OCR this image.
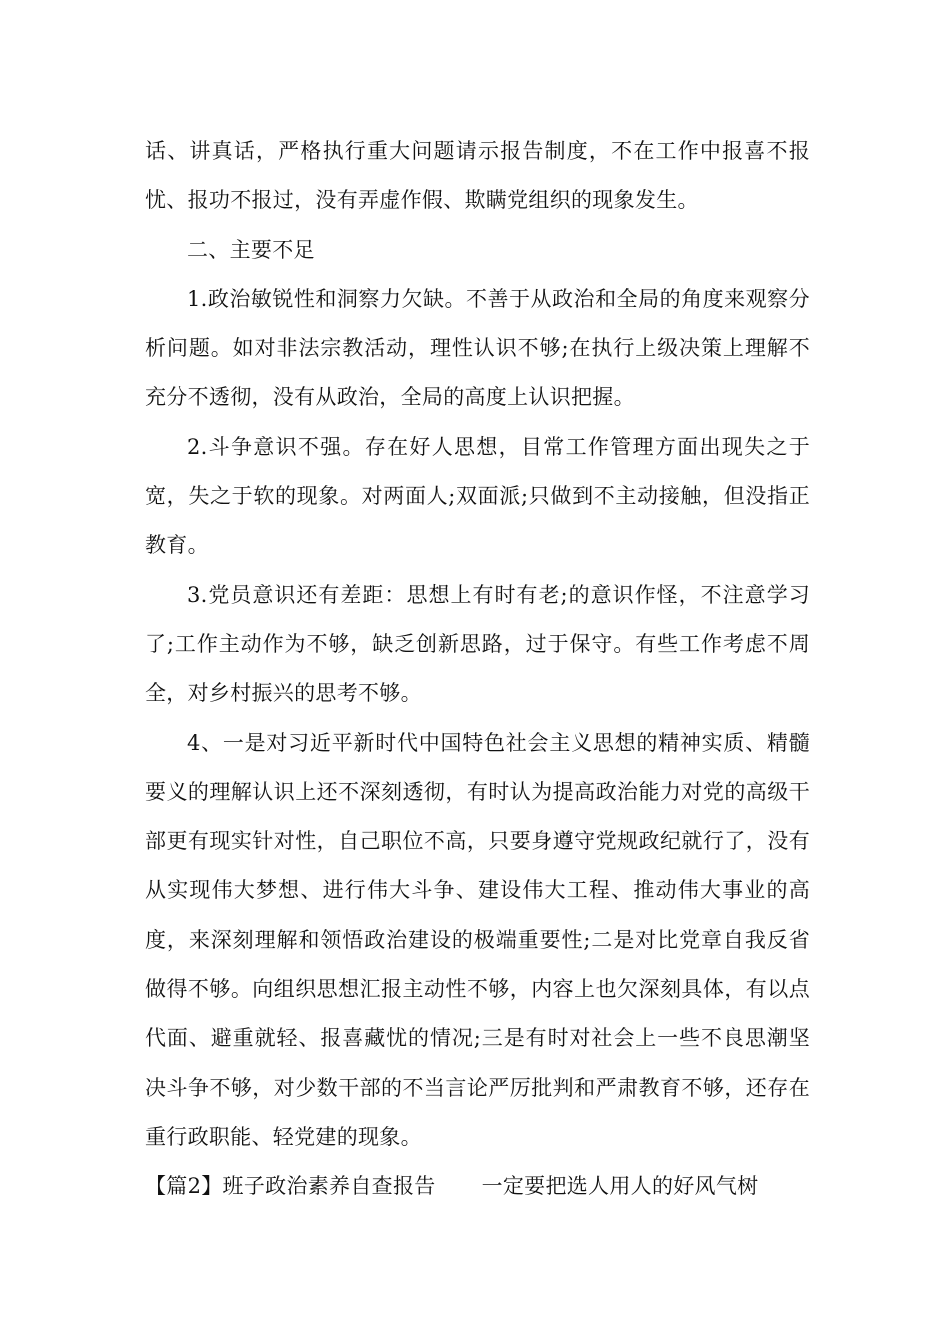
话、讲真话，严格执行重大问题请示报告制度，不在工作中报喜不报忧、报功不报过，没有弄虚作假、欺瞒党组织的现象发生。

二、主要不足

1.政治敏锐性和洞察力欠缺。不善于从政治和全局的角度来观察分析问题。如对非法宗教活动，理性认识不够;在执行上级决策上理解不充分不透彻，没有从政治，全局的高度上认识把握。

2.斗争意识不强。存在好人思想，目常工作管理方面出现失之于宽，失之于软的现象。对两面人;双面派;只做到不主动接触，但没指正教育。

3.党员意识还有差距：思想上有时有老;的意识作怪，不注意学习了;工作主动作为不够，缺乏创新思路，过于保守。有些工作考虑不周全，对乡村振兴的思考不够。

4、一是对习近平新时代中国特色社会主义思想的精神实质、精髓要义的理解认识上还不深刻透彻，有时认为提高政治能力对党的高级干部更有现实针对性，自己职位不高，只要身遵守党规政纪就行了，没有从实现伟大梦想、进行伟大斗争、建设伟大工程、推动伟大事业的高度，来深刻理解和领悟政治建设的极端重要性;二是对比党章自我反省做得不够。向组织思想汇报主动性不够，内容上也欠深刻具体，有以点代面、避重就轻、报喜藏忧的情况;三是有时对社会上一些不良思潮坚决斗争不够，对少数干部的不当言论严厉批判和严肃教育不够，还存在重行政职能、轻党建的现象。

【篇2】班子政治素养自查报告 一定要把选人用人的好风气树
